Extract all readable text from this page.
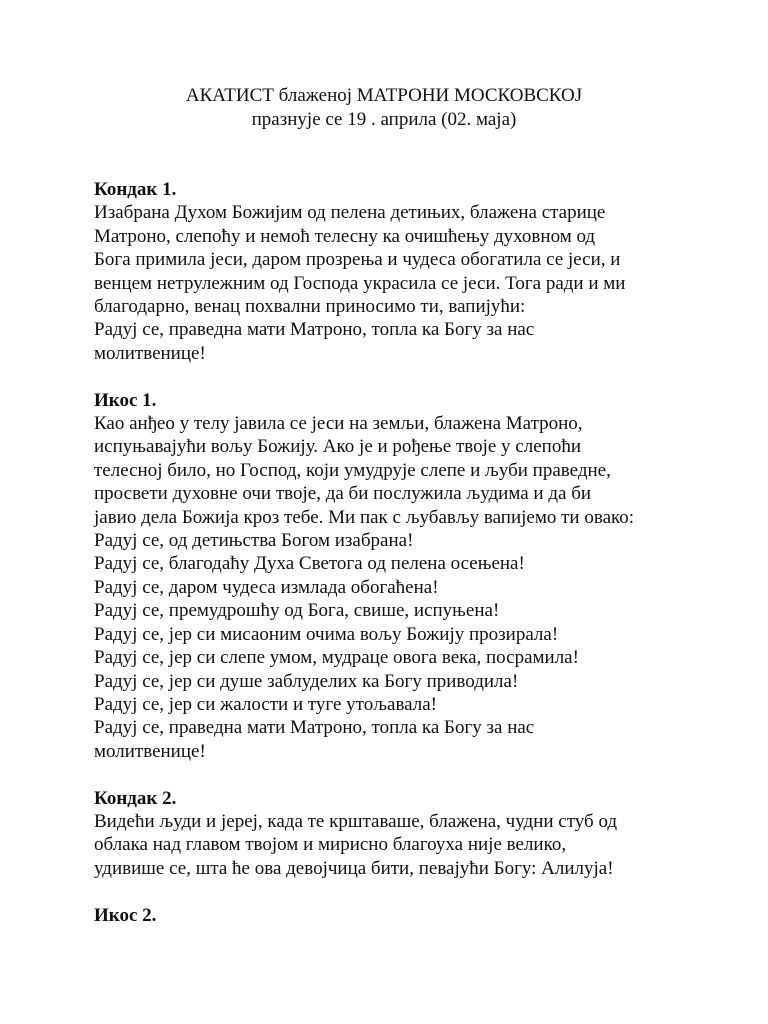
АКАТИСТ блаженој МАТРОНИ МОСКОВСКОЈ
празнује се 19 . априла (02. маја)
Кондак 1.
Изабрана Духом Божијим од пелена детињих, блажена старице
Матроно, слепоћу и немоћ телесну ка очишћењу духовном од
Бога примила јеси, даром прозрења и чудеса обогатила се јеси, и
венцем нетрулежним од Господа украсила се јеси. Тога ради и ми
благодарно, венац похвални приносимо ти, вапијући:
Радуј се, праведна мати Матроно, топла ка Богу за нас
молитвенице!
Икос 1.
Као анђео у телу јавила се јеси на земљи, блажена Матроно,
испуњавајући вољу Божију. Ако је и рођење твоје у слепоћи
телесној било, но Господ, који умудрује слепе и љуби праведне,
просвети духовне очи твоје, да би послужила људима и да би
јавио дела Божија кроз тебе. Ми пак с љубављу вапијемо ти овако:
Радуј се, од детињства Богом изабрана!
Радуј се, благодаћу Духа Светога од пелена осењена!
Радуј се, даром чудеса измлада обогаћена!
Радуј се, премудрошћу од Бога, свише, испуњена!
Радуј се, јер си мисаоним очима вољу Божију прозирала!
Радуј се, јер си слепе умом, мудраце овога века, посрамила!
Радуј се, јер си душе заблуделих ка Богу приводила!
Радуј се, јер си жалости и туге утољавала!
Радуј се, праведна мати Матроно, топла ка Богу за нас
молитвенице!
Кондак 2.
Видећи људи и јереј, када те крштаваше, блажена, чудни стуб од
облака над главом твојом и мирисно благоуха није велико,
удивише се, шта ће ова девојчица бити, певајући Богу: Алилуја!
Икос 2.
